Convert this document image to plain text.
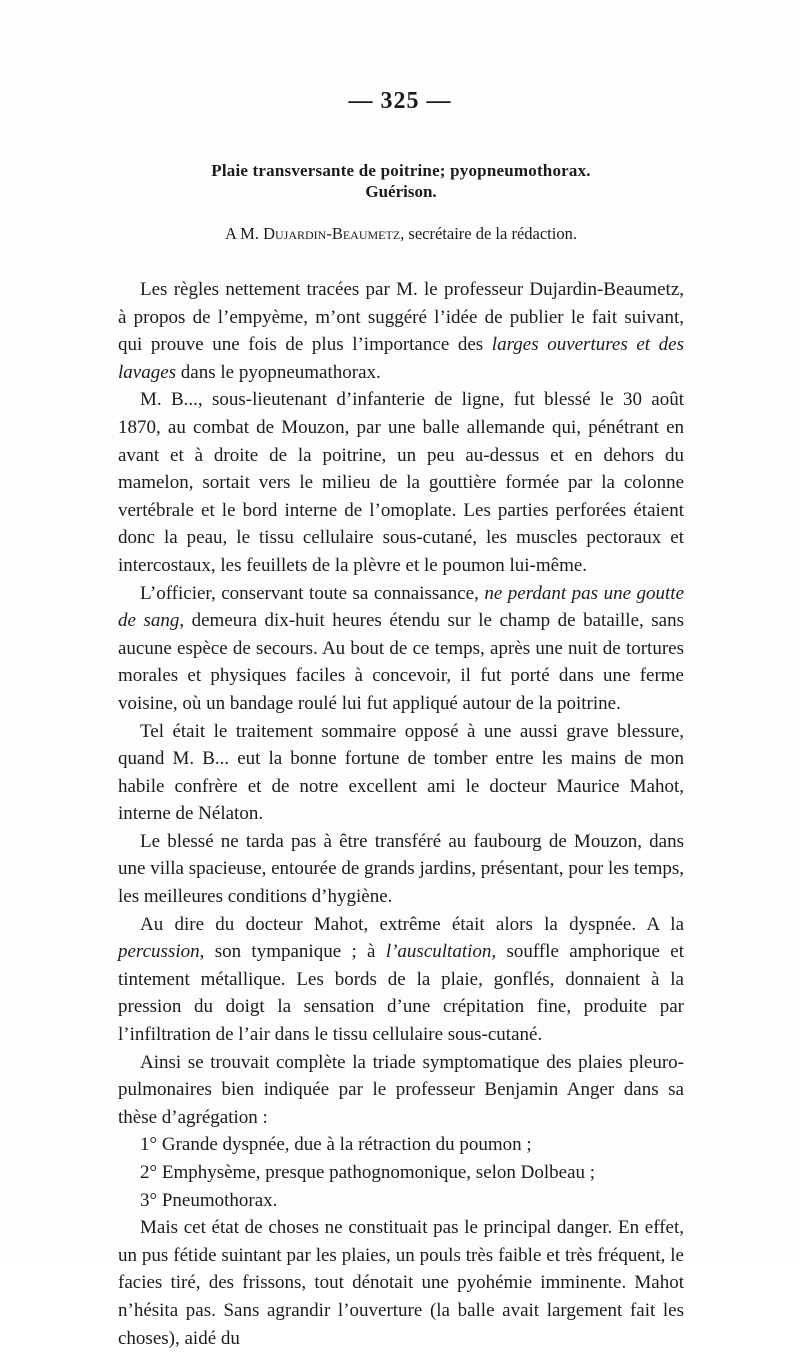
— 325 —
Plaie transversante de poitrine; pyopneumothorax.
Guérison.
A M. Dujardin-Beaumetz, secrétaire de la rédaction.

Les règles nettement tracées par M. le professeur Dujardin-Beaumetz, à propos de l’empyème, m’ont suggéré l’idée de publier le fait suivant, qui prouve une fois de plus l’importance des larges ouvertures et des lavages dans le pyopneumathorax.

M. B..., sous-lieutenant d’infanterie de ligne, fut blessé le 30 août 1870, au combat de Mouzon, par une balle allemande qui, pénétrant en avant et à droite de la poitrine, un peu au-dessus et en dehors du mamelon, sortait vers le milieu de la gouttière formée par la colonne vertébrale et le bord interne de l’omoplate. Les parties perforées étaient donc la peau, le tissu cellulaire sous-cutané, les muscles pectoraux et intercostaux, les feuillets de la plèvre et le poumon lui-même.

L’officier, conservant toute sa connaissance, ne perdant pas une goutte de sang, demeura dix-huit heures étendu sur le champ de bataille, sans aucune espèce de secours. Au bout de ce temps, après une nuit de tortures morales et physiques faciles à concevoir, il fut porté dans une ferme voisine, où un bandage roulé lui fut appliqué autour de la poitrine.

Tel était le traitement sommaire opposé à une aussi grave blessure, quand M. B... eut la bonne fortune de tomber entre les mains de mon habile confrère et de notre excellent ami le docteur Maurice Mahot, interne de Nélaton.

Le blessé ne tarda pas à être transféré au faubourg de Mouzon, dans une villa spacieuse, entourée de grands jardins, présentant, pour les temps, les meilleures conditions d’hygiène.

Au dire du docteur Mahot, extrême était alors la dyspnée. A la percussion, son tympanique ; à l’auscultation, souffle amphorique et tintement métallique. Les bords de la plaie, gonflés, donnaient à la pression du doigt la sensation d’une crépitation fine, produite par l’infiltration de l’air dans le tissu cellulaire sous-cutané.

Ainsi se trouvait complète la triade symptomatique des plaies pleuro-pulmonaires bien indiquée par le professeur Benjamin Anger dans sa thèse d’agrégation :

1° Grande dyspnée, due à la rétraction du poumon ;

2° Emphysème, presque pathognomonique, selon Dolbeau ;

3° Pneumothorax.

Mais cet état de choses ne constituait pas le principal danger. En effet, un pus fétide suintant par les plaies, un pouls très faible et très fréquent, le facies tiré, des frissons, tout dénotait une pyohémie imminente. Mahot n’hésita pas. Sans agrandir l’ouverture (la balle avait largement fait les choses), aidé du
